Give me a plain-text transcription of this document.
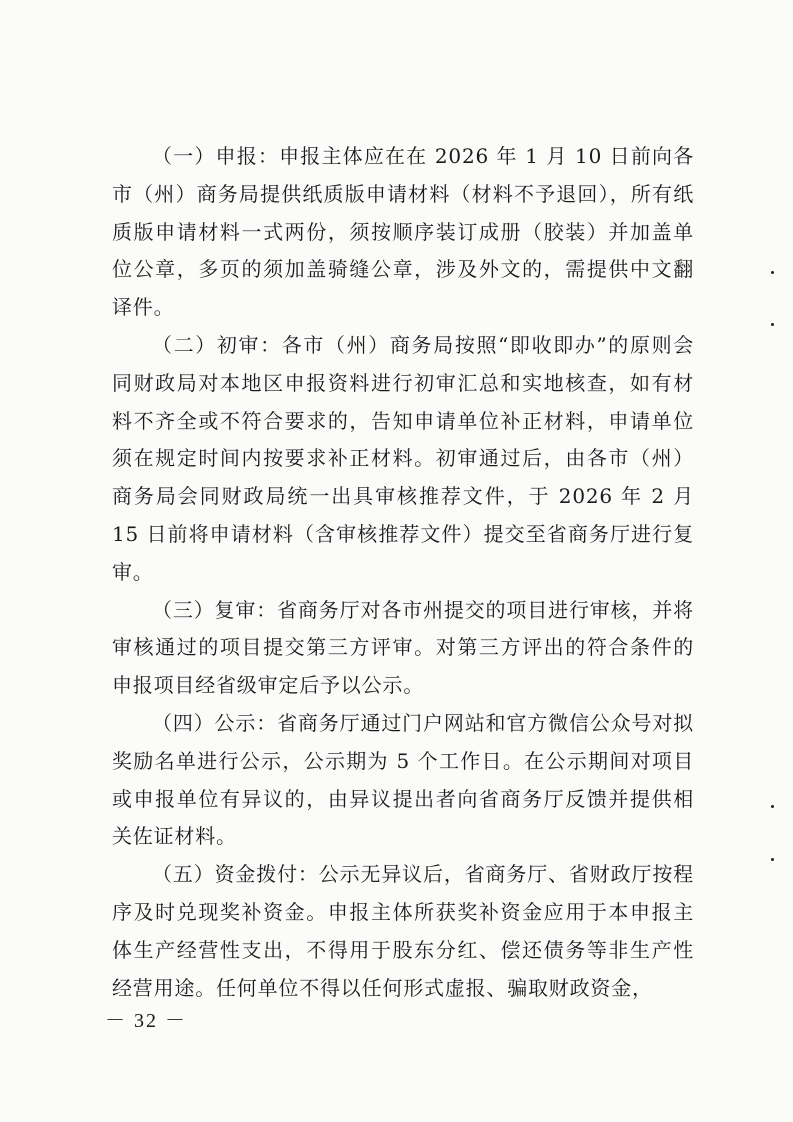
（一）申报：申报主体应在在 2026 年 1 月 10 日前向各市（州）商务局提供纸质版申请材料（材料不予退回），所有纸质版申请材料一式两份，须按顺序装订成册（胶装）并加盖单位公章，多页的须加盖骑缝公章，涉及外文的，需提供中文翻译件。

（二）初审：各市（州）商务局按照“即收即办”的原则会同财政局对本地区申报资料进行初审汇总和实地核查，如有材料不齐全或不符合要求的，告知申请单位补正材料，申请单位须在规定时间内按要求补正材料。初审通过后，由各市（州）商务局会同财政局统一出具审核推荐文件，于 2026 年 2 月 15 日前将申请材料（含审核推荐文件）提交至省商务厅进行复审。

（三）复审：省商务厅对各市州提交的项目进行审核，并将审核通过的项目提交第三方评审。对第三方评出的符合条件的申报项目经省级审定后予以公示。

（四）公示：省商务厅通过门户网站和官方微信公众号对拟奖励名单进行公示，公示期为 5 个工作日。在公示期间对项目或申报单位有异议的，由异议提出者向省商务厅反馈并提供相关佐证材料。

（五）资金拨付：公示无异议后，省商务厅、省财政厅按程序及时兑现奖补资金。申报主体所获奖补资金应用于本申报主体生产经营性支出，不得用于股东分红、偿还债务等非生产性经营用途。任何单位不得以任何形式虚报、骗取财政资金，

－ 32 －
